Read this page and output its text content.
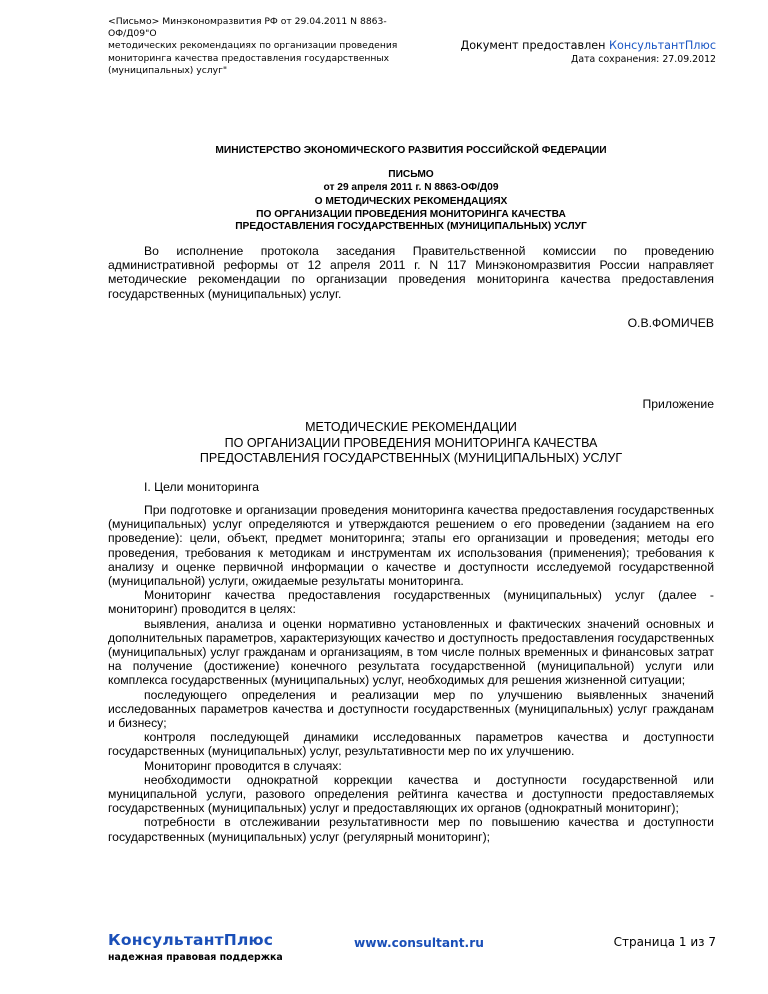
<Письмо> Минэкономразвития РФ от 29.04.2011 N 8863-ОФ/Д09"О
методических рекомендациях по организации проведения
мониторинга качества предоставления государственных
(муниципальных) услуг"
Документ предоставлен КонсультантПлюс
Дата сохранения: 27.09.2012
МИНИСТЕРСТВО ЭКОНОМИЧЕСКОГО РАЗВИТИЯ РОССИЙСКОЙ ФЕДЕРАЦИИ
ПИСЬМО
от 29 апреля 2011 г. N 8863-ОФ/Д09
О МЕТОДИЧЕСКИХ РЕКОМЕНДАЦИЯХ
ПО ОРГАНИЗАЦИИ ПРОВЕДЕНИЯ МОНИТОРИНГА КАЧЕСТВА
ПРЕДОСТАВЛЕНИЯ ГОСУДАРСТВЕННЫХ (МУНИЦИПАЛЬНЫХ) УСЛУГ

Во исполнение протокола заседания Правительственной комиссии по проведению административной реформы от 12 апреля 2011 г. N 117 Минэкономразвития России направляет методические рекомендации по организации проведения мониторинга качества предоставления государственных (муниципальных) услуг.

О.В.ФОМИЧЕВ
Приложение
МЕТОДИЧЕСКИЕ РЕКОМЕНДАЦИИ
ПО ОРГАНИЗАЦИИ ПРОВЕДЕНИЯ МОНИТОРИНГА КАЧЕСТВА
ПРЕДОСТАВЛЕНИЯ ГОСУДАРСТВЕННЫХ (МУНИЦИПАЛЬНЫХ) УСЛУГ
I. Цели мониторинга

При подготовке и организации проведения мониторинга качества предоставления государственных (муниципальных) услуг определяются и утверждаются решением о его проведении (заданием на его проведение): цели, объект, предмет мониторинга; этапы его организации и проведения; методы его проведения, требования к методикам и инструментам их использования (применения); требования к анализу и оценке первичной информации о качестве и доступности исследуемой государственной (муниципальной) услуги, ожидаемые результаты мониторинга.

Мониторинг качества предоставления государственных (муниципальных) услуг (далее - мониторинг) проводится в целях:

выявления, анализа и оценки нормативно установленных и фактических значений основных и дополнительных параметров, характеризующих качество и доступность предоставления государственных (муниципальных) услуг гражданам и организациям, в том числе полных временных и финансовых затрат на получение (достижение) конечного результата государственной (муниципальной) услуги или комплекса государственных (муниципальных) услуг, необходимых для решения жизненной ситуации;

последующего определения и реализации мер по улучшению выявленных значений исследованных параметров качества и доступности государственных (муниципальных) услуг гражданам и бизнесу;

контроля последующей динамики исследованных параметров качества и доступности государственных (муниципальных) услуг, результативности мер по их улучшению.

Мониторинг проводится в случаях:

необходимости однократной коррекции качества и доступности государственной или муниципальной услуги, разового определения рейтинга качества и доступности предоставляемых государственных (муниципальных) услуг и предоставляющих их органов (однократный мониторинг);

потребности в отслеживании результативности мер по повышению качества и доступности государственных (муниципальных) услуг (регулярный мониторинг);

КонсультантПлюс
надежная правовая поддержка
www.consultant.ru	Страница 1 из 7
